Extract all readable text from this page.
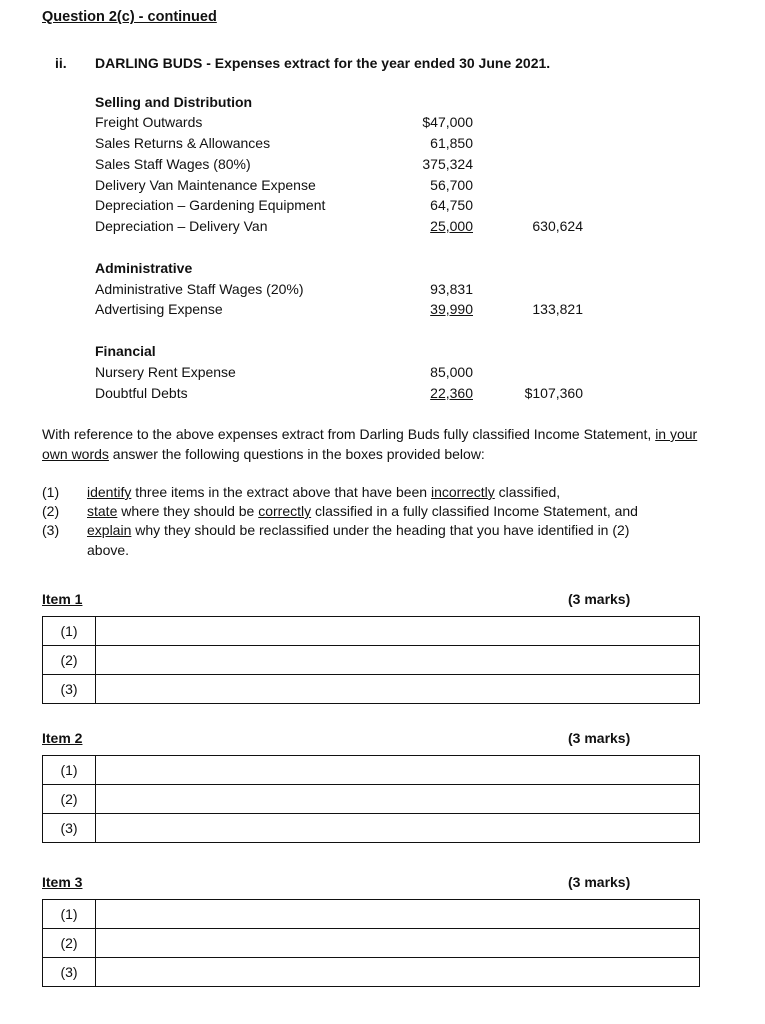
Question 2(c) - continued
ii. DARLING BUDS - Expenses extract for the year ended 30 June 2021.
Selling and Distribution
Freight Outwards	$47,000
Sales Returns & Allowances	61,850
Sales Staff Wages (80%)	375,324
Delivery Van Maintenance Expense	56,700
Depreciation – Gardening Equipment	64,750
Depreciation – Delivery Van	25,000	630,624
Administrative
Administrative Staff Wages (20%)	93,831
Advertising Expense	39,990	133,821
Financial
Nursery Rent Expense	85,000
Doubtful Debts	22,360	$107,360
With reference to the above expenses extract from Darling Buds fully classified Income Statement, in your own words answer the following questions in the boxes provided below:
(1) identify three items in the extract above that have been incorrectly classified,
(2) state where they should be correctly classified in a fully classified Income Statement, and
(3) explain why they should be reclassified under the heading that you have identified in (2)
above.
Item 1	(3 marks)
(1)	
(2)	
(3)	
Item 2	(3 marks)
(1)	
(2)	
(3)	
Item 3	(3 marks)
(1)	
(2)	
(3)	
